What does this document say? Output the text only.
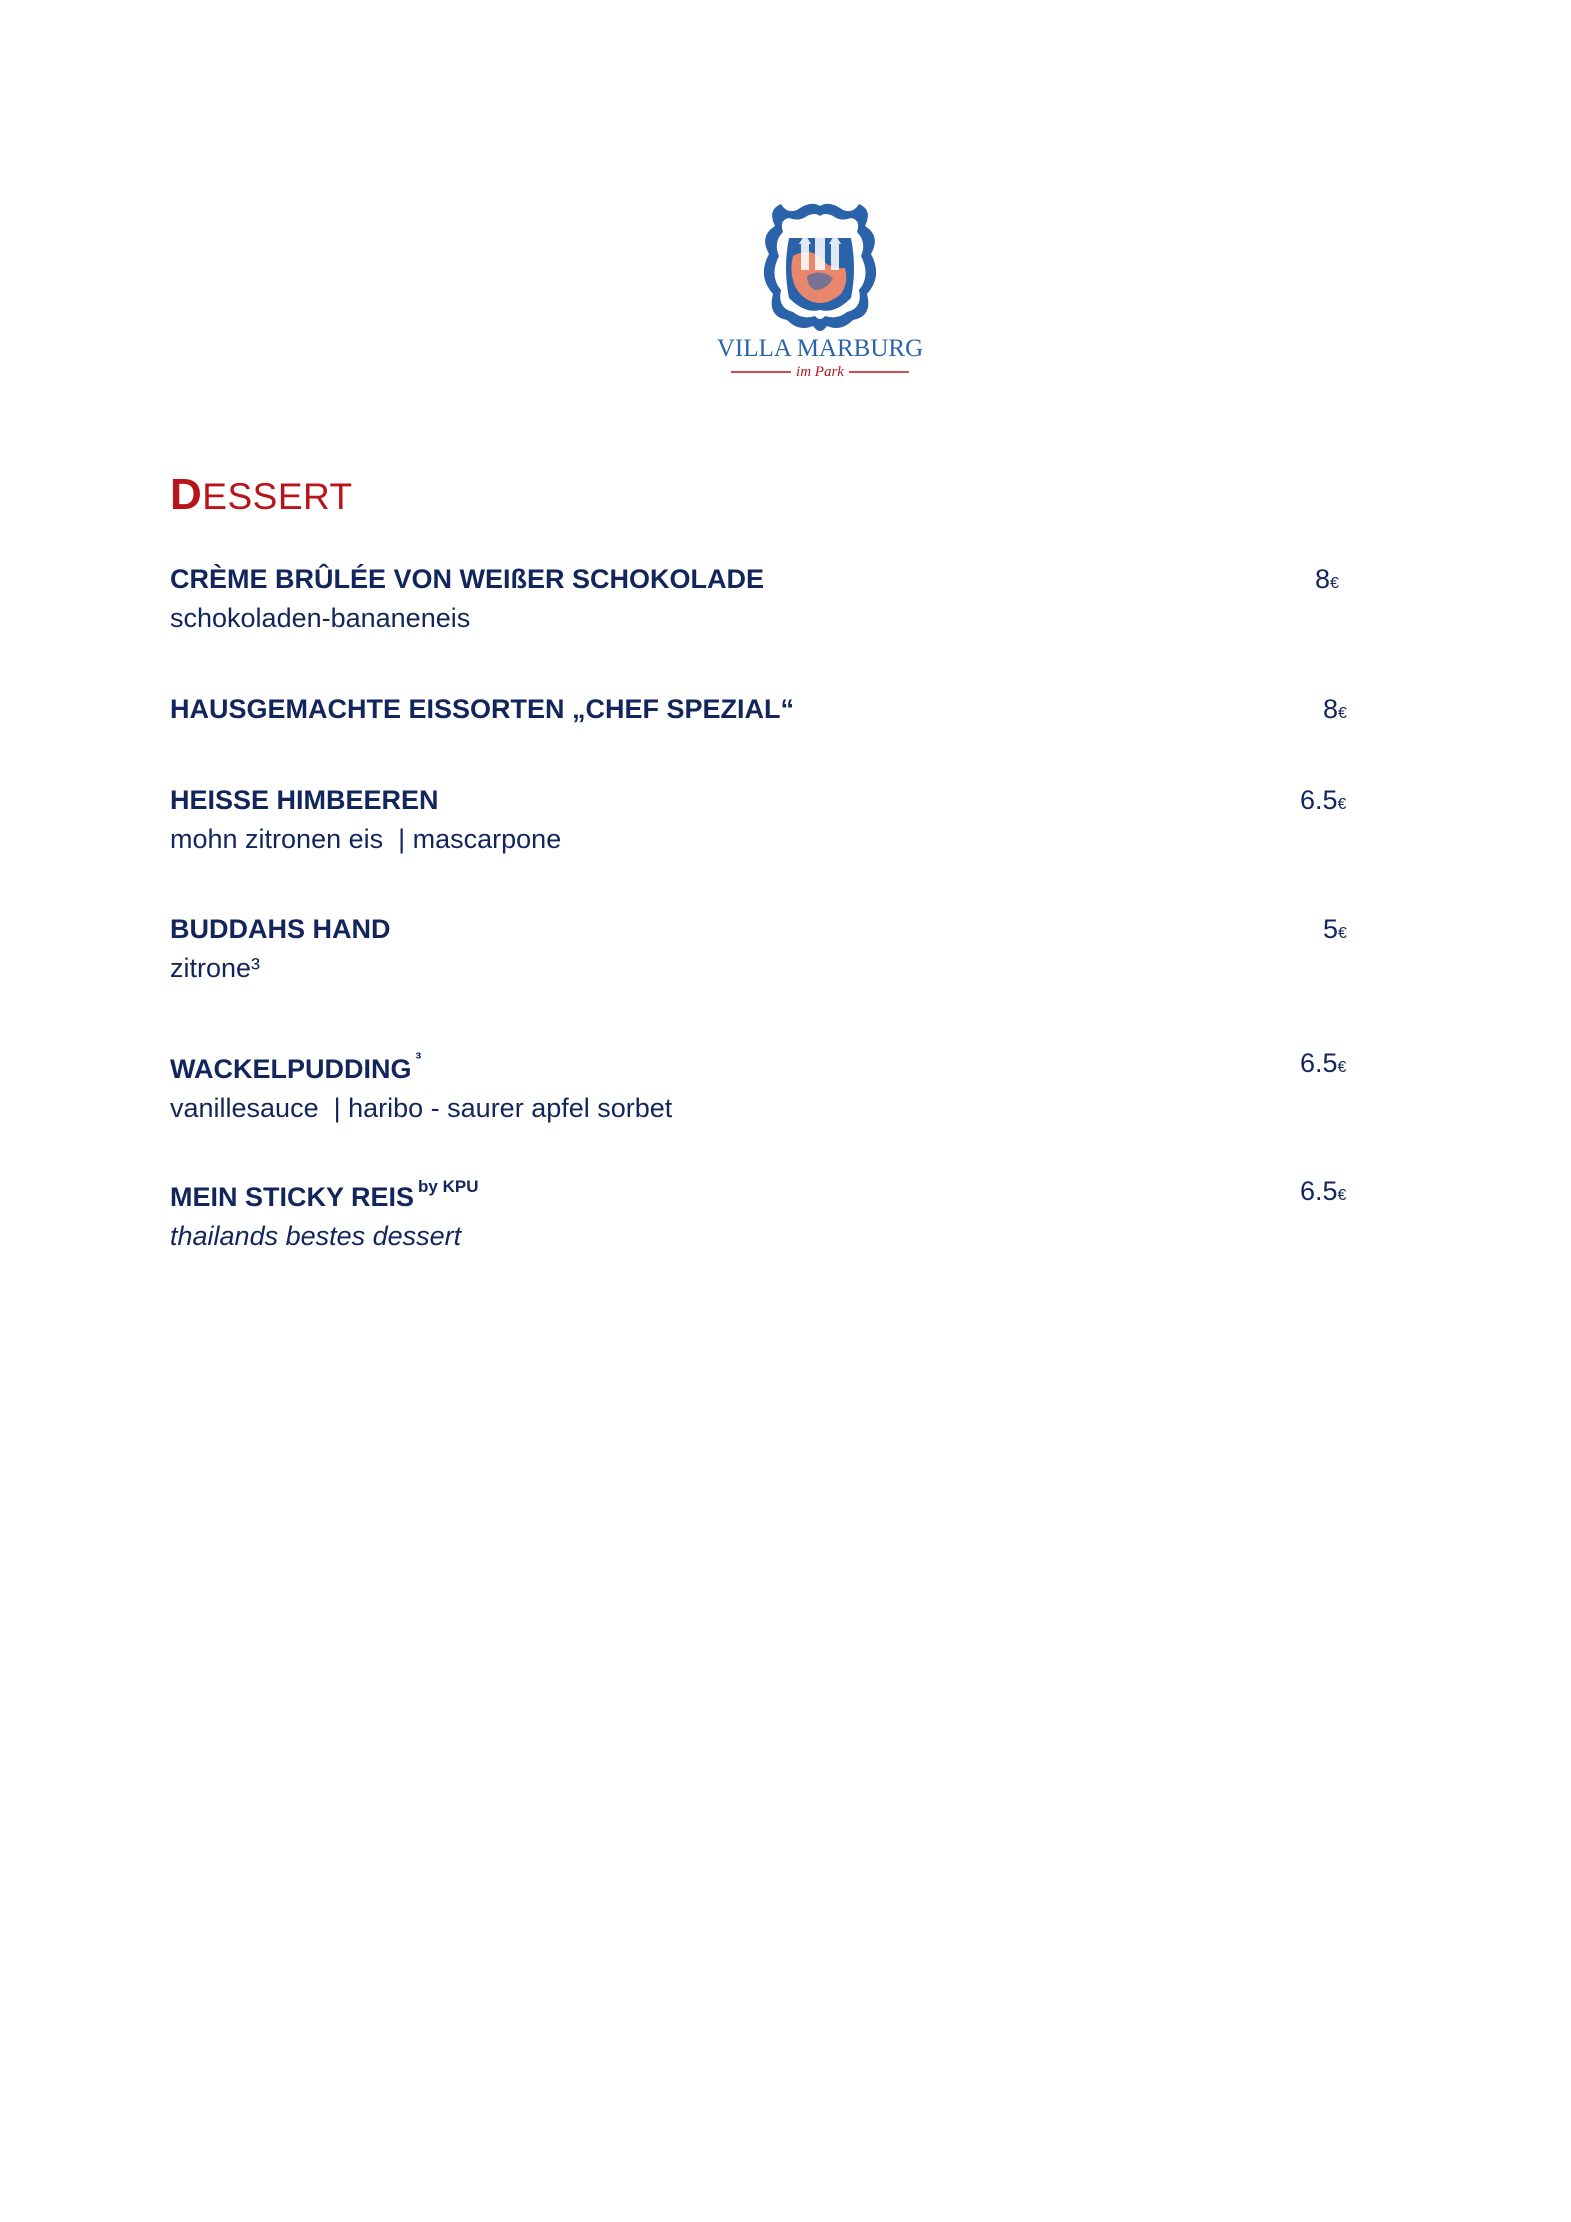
VILLA MARBURG
im Park
DESSERT
CRÈME BRÛLÉE VON WEIßER SCHOKOLADE
schokoladen-bananeneis
8€
HAUSGEMACHTE EISSORTEN „CHEF SPEZIAL“	8€
HEISSE HIMBEEREN
mohn zitronen eis  | mascarpone
6.5€
BUDDAHS HAND
zitrone³
5€
WACKELPUDDING $^{^3}$
vanillesauce  | haribo - saurer apfel sorbet
6.5€
MEIN STICKY REIS $^{by KPU}$
thailands bestes dessert
6.5€
